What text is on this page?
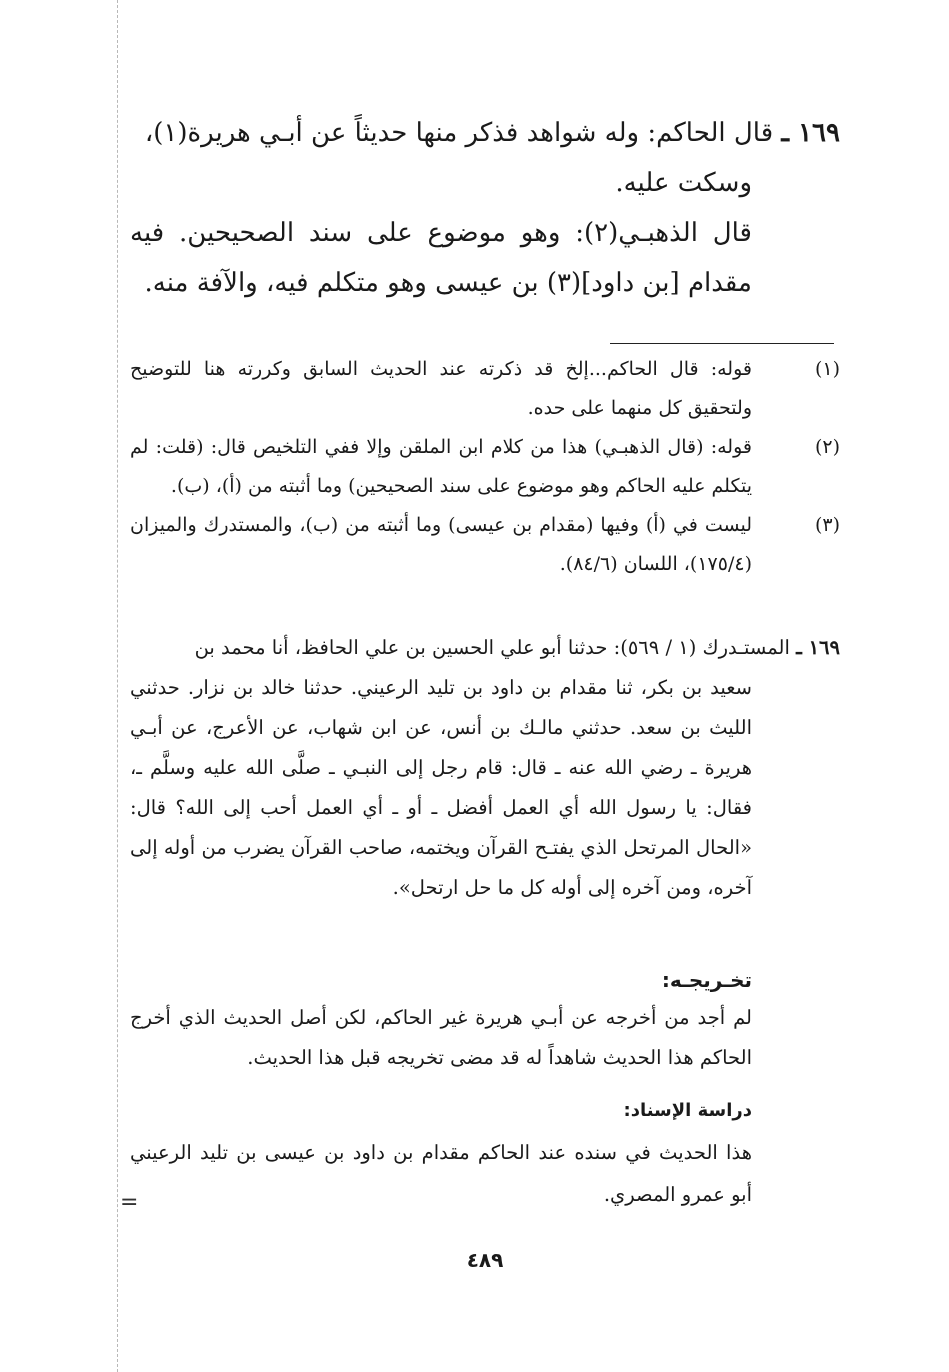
=
١٦٩ ـ قال الحاكم: وله شواهد فذكر منها حديثاً عن أبـي هريرة(١)،
وسكت عليه.
قال الذهبـي(٢): وهو موضوع على سند الصحيحين. فيه مقدام [بن داود](٣) بن عيسى وهو متكلم فيه، والآفة منه.
(١)
قوله: قال الحاكم...إلخ قد ذكرته عند الحديث السابق وكررته هنا للتوضيح ولتحقيق كل منهما على حده.
(٢)
قوله: (قال الذهبـي) هذا من كلام ابن الملقن وإلا ففي التلخيص قال: (قلت: لم يتكلم عليه الحاكم وهو موضوع على سند الصحيحين) وما أثبته من (أ)، (ب).
(٣)
ليست في (أ) وفيها (مقدام بن عيسى) وما أثبته من (ب)، والمستدرك والميزان (١٧٥/٤)، اللسان (٨٤/٦).
١٦٩ ـ المستـدرك (١ / ٥٦٩): حدثنا أبو علي الحسين بن علي الحافظ، أنا محمد بن
سعيد بن بكر، ثنا مقدام بن داود بن تليد الرعيني. حدثنا خالد بن نزار. حدثني الليث بن سعد. حدثني مالـك بن أنس، عن ابن شهاب، عن الأعرج، عن أبـي هريرة ـ رضي الله عنه ـ قال: قام رجل إلى النبـي ـ صلَّى الله عليه وسلَّم ـ، فقال: يا رسول الله أي العمل أفضل ـ أو ـ أي العمل أحب إلى الله؟ قال: «الحال المرتحل الذي يفتـح القرآن ويختمه، صاحب القرآن يضرب من أوله إلى آخره، ومن آخره إلى أوله كل ما حل ارتحل».
تخـريجـه:
لم أجد من أخرجه عن أبـي هريرة غير الحاكم، لكن أصل الحديث الذي أخرج الحاكم هذا الحديث شاهداً له قد مضى تخريجه قبل هذا الحديث.
دراسة الإسناد:
هذا الحديث في سنده عند الحاكم مقدام بن داود بن عيسى بن تليد الرعيني أبو عمرو المصري.
٤٨٩
